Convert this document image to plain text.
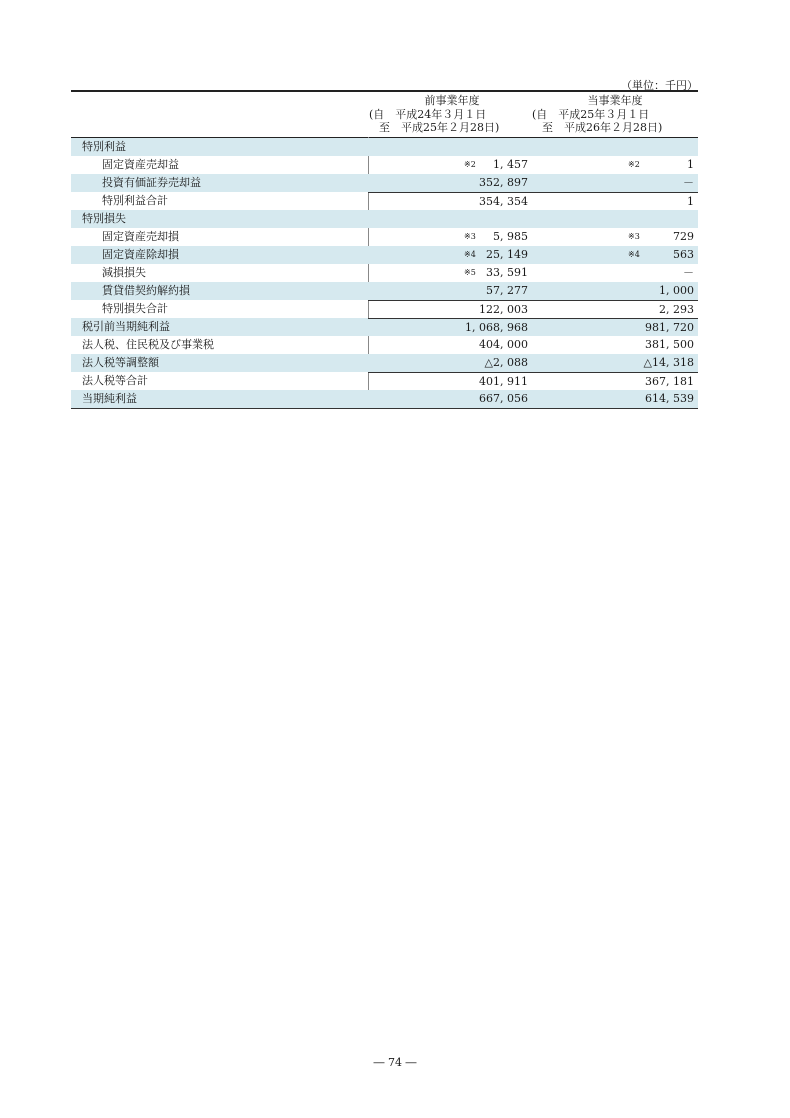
（単位：千円）
前事業年度
(自　平成24年３月１日
至　平成25年２月28日)
当事業年度
(自　平成25年３月１日
至　平成26年２月28日)
特別利益
固定資産売却益	※2 1, 457	※2	1
投資有価証券売却益	352, 897	－
特別利益合計	354, 354	1
特別損失
固定資産売却損	※3 5, 985	※3	729
固定資産除却損	※4 25, 149	※4	563
減損損失	※5 33, 591	－
賃貸借契約解約損	57, 277	1, 000
特別損失合計	122, 003	2, 293
税引前当期純利益	1, 068, 968	981, 720
法人税、住民税及び事業税	404, 000	381, 500
法人税等調整額	△2, 088	△14, 318
法人税等合計	401, 911	367, 181
当期純利益	667, 056	614, 539
― 74 ―
